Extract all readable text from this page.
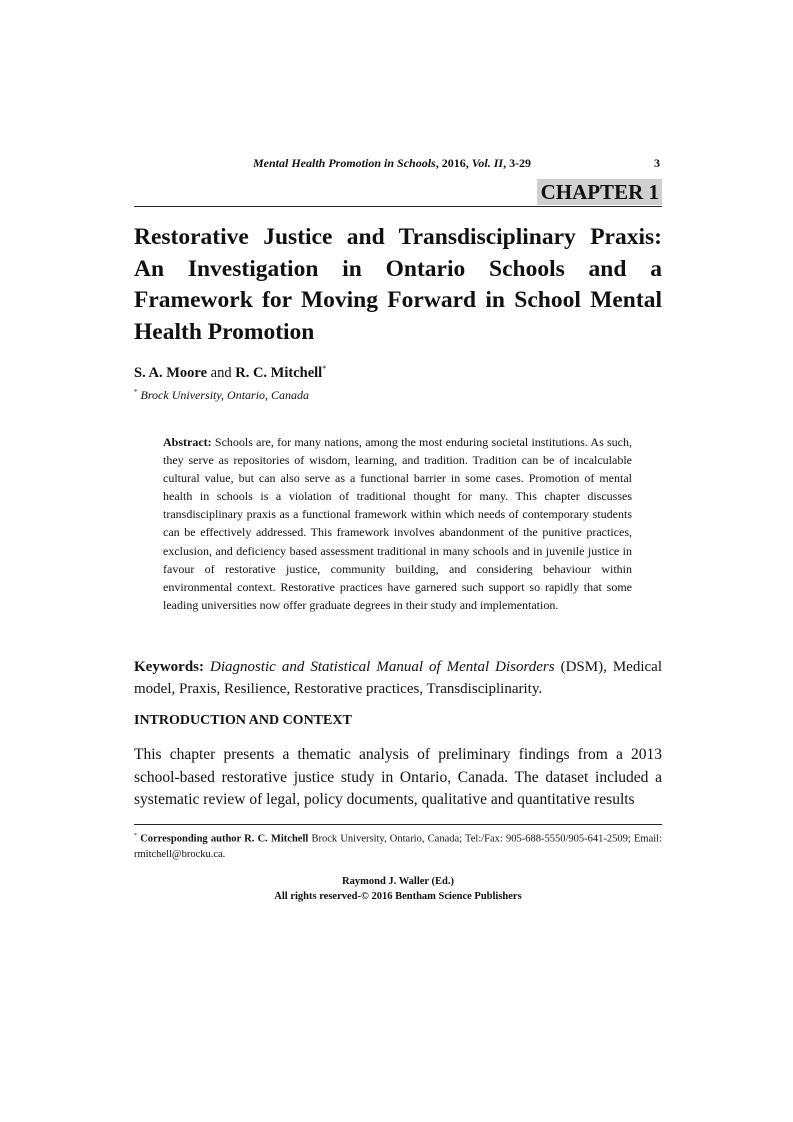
Mental Health Promotion in Schools, 2016, Vol. II, 3-29	3
CHAPTER 1
Restorative Justice and Transdisciplinary Praxis: An Investigation in Ontario Schools and a Framework for Moving Forward in School Mental Health Promotion
S. A. Moore and R. C. Mitchell*
* Brock University, Ontario, Canada

Abstract: Schools are, for many nations, among the most enduring societal institutions. As such, they serve as repositories of wisdom, learning, and tradition. Tradition can be of incalculable cultural value, but can also serve as a functional barrier in some cases. Promotion of mental health in schools is a violation of traditional thought for many. This chapter discusses transdisciplinary praxis as a functional framework within which needs of contemporary students can be effectively addressed. This framework involves abandonment of the punitive practices, exclusion, and deficiency based assessment traditional in many schools and in juvenile justice in favour of restorative justice, community building, and considering behaviour within environmental context. Restorative practices have garnered such support so rapidly that some leading universities now offer graduate degrees in their study and implementation.

Keywords: Diagnostic and Statistical Manual of Mental Disorders (DSM), Medical model, Praxis, Resilience, Restorative practices, Transdisciplinarity.

INTRODUCTION AND CONTEXT

This chapter presents a thematic analysis of preliminary findings from a 2013 school-based restorative justice study in Ontario, Canada. The dataset included a systematic review of legal, policy documents, qualitative and quantitative results

* Corresponding author R. C. Mitchell Brock University, Ontario, Canada; Tel:/Fax: 905-688-5550/905-641-2509; Email: rmitchell@brocku.ca.

Raymond J. Waller (Ed.)
All rights reserved-© 2016 Bentham Science Publishers
